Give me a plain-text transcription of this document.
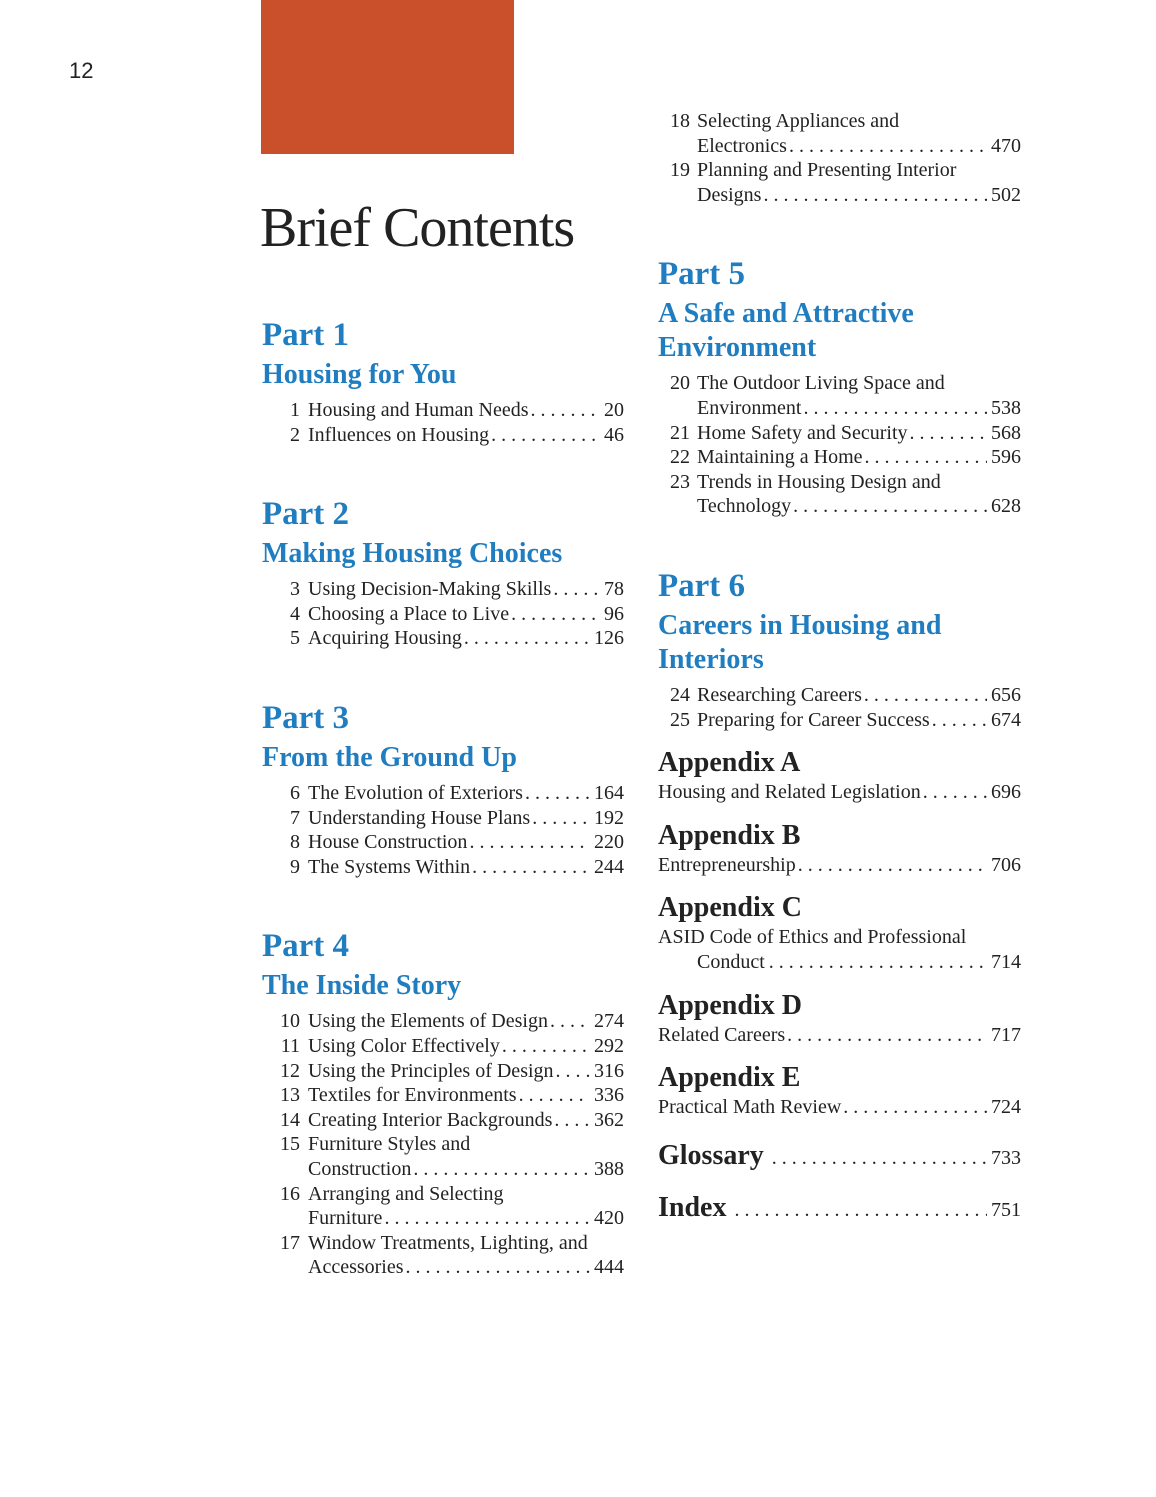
12
Brief Contents
Part 1
Housing for You
1 Housing and Human Needs . . .	20
2 Influences on Housing . . .	46
Part 2
Making Housing Choices
3 Using Decision-Making Skills . . .	78
4 Choosing a Place to Live . . .	96
5 Acquiring Housing . . .	126
Part 3
From the Ground Up
6 The Evolution of Exteriors . . .	164
7 Understanding House Plans . . .	192
8 House Construction . . .	220
9 The Systems Within . . .	244
Part 4
The Inside Story
10 Using the Elements of Design . . . 274
11 Using Color Effectively . . .	292
12 Using the Principles of Design . . . 316
13 Textiles for Environments . . .	336
14 Creating Interior Backgrounds . . . 362
15 Furniture Styles and
Construction . . .	388
16 Arranging and Selecting
Furniture . . .	420
17 Window Treatments, Lighting, and
Accessories . . .	444
18 Selecting Appliances and
Electronics . . .	470
19 Planning and Presenting Interior
Designs . . .	502
Part 5
A Safe and Attractive Environment
20 The Outdoor Living Space and
Environment . . .	538
21 Home Safety and Security . . .	568
22 Maintaining a Home . . .	596
23 Trends in Housing Design and
Technology . . .	628
Part 6
Careers in Housing and Interiors
24 Researching Careers . . .	656
25 Preparing for Career Success . . .	674
Appendix A
Housing and Related Legislation . . .	696
Appendix B
Entrepreneurship . . .	706
Appendix C
ASID Code of Ethics and Professional
Conduct . . .	714
Appendix D
Related Careers . . .	717
Appendix E
Practical Math Review . . .	724
Glossary . . .	733
Index . . .	751
